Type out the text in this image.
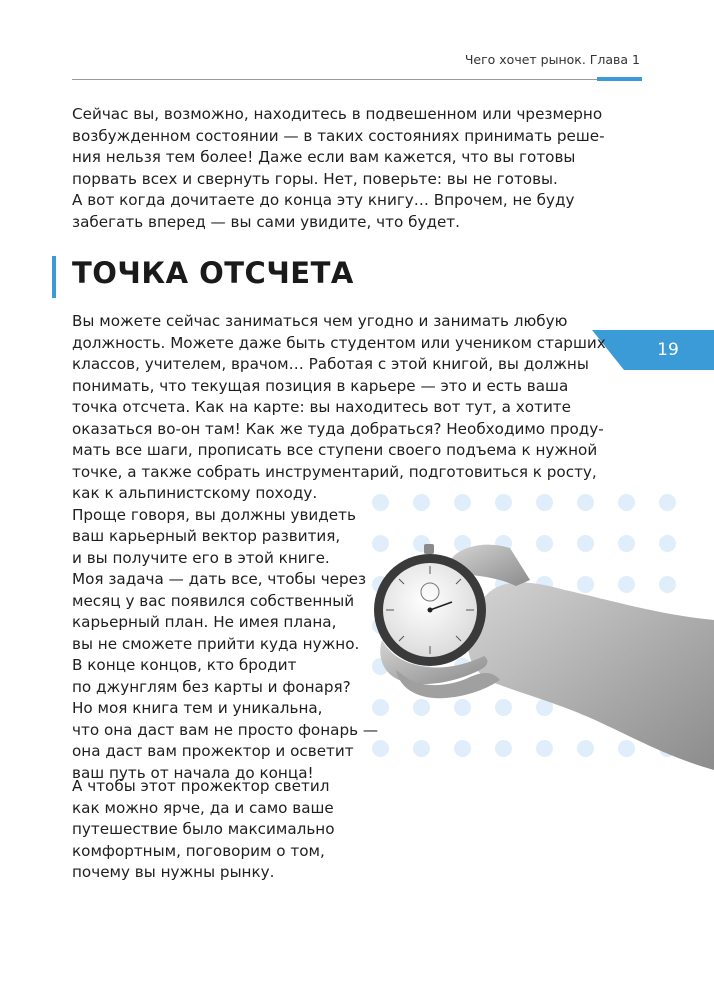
Чего хочет рынок. Глава 1
19

Сейчас вы, возможно, находитесь в подвешенном или чрезмерно
возбужденном состоянии — в таких состояниях принимать реше-
ния нельзя тем более! Даже если вам кажется, что вы готовы
порвать всех и свернуть горы. Нет, поверьте: вы не готовы.
А вот когда дочитаете до конца эту книгу… Впрочем, не буду
забегать вперед — вы сами увидите, что будет.

ТОЧКА ОТСЧЕТА

Вы можете сейчас заниматься чем угодно и занимать любую
должность. Можете даже быть студентом или учеником старших
классов, учителем, врачом… Работая с этой книгой, вы должны
понимать, что текущая позиция в карьере — это и есть ваша
точка отсчета. Как на карте: вы находитесь вот тут, а хотите
оказаться во-он там! Как же туда добраться? Необходимо проду-
мать все шаги, прописать все ступени своего подъема к нужной
точке, а также собрать инструментарий, подготовиться к росту,
как к альпинистскому походу.
Проще говоря, вы должны увидеть
ваш карьерный вектор развития,
и вы получите его в этой книге.
Моя задача — дать все, чтобы через
месяц у вас появился собственный
карьерный план. Не имея плана,
вы не сможете прийти куда нужно.
В конце концов, кто бродит
по джунглям без карты и фонаря?
Но моя книга тем и уникальна,
что она даст вам не просто фонарь —
она даст вам прожектор и осветит
ваш путь от начала до конца!

А чтобы этот прожектор светил
как можно ярче, да и само ваше
путешествие было максимально
комфортным, поговорим о том,
почему вы нужны рынку.
